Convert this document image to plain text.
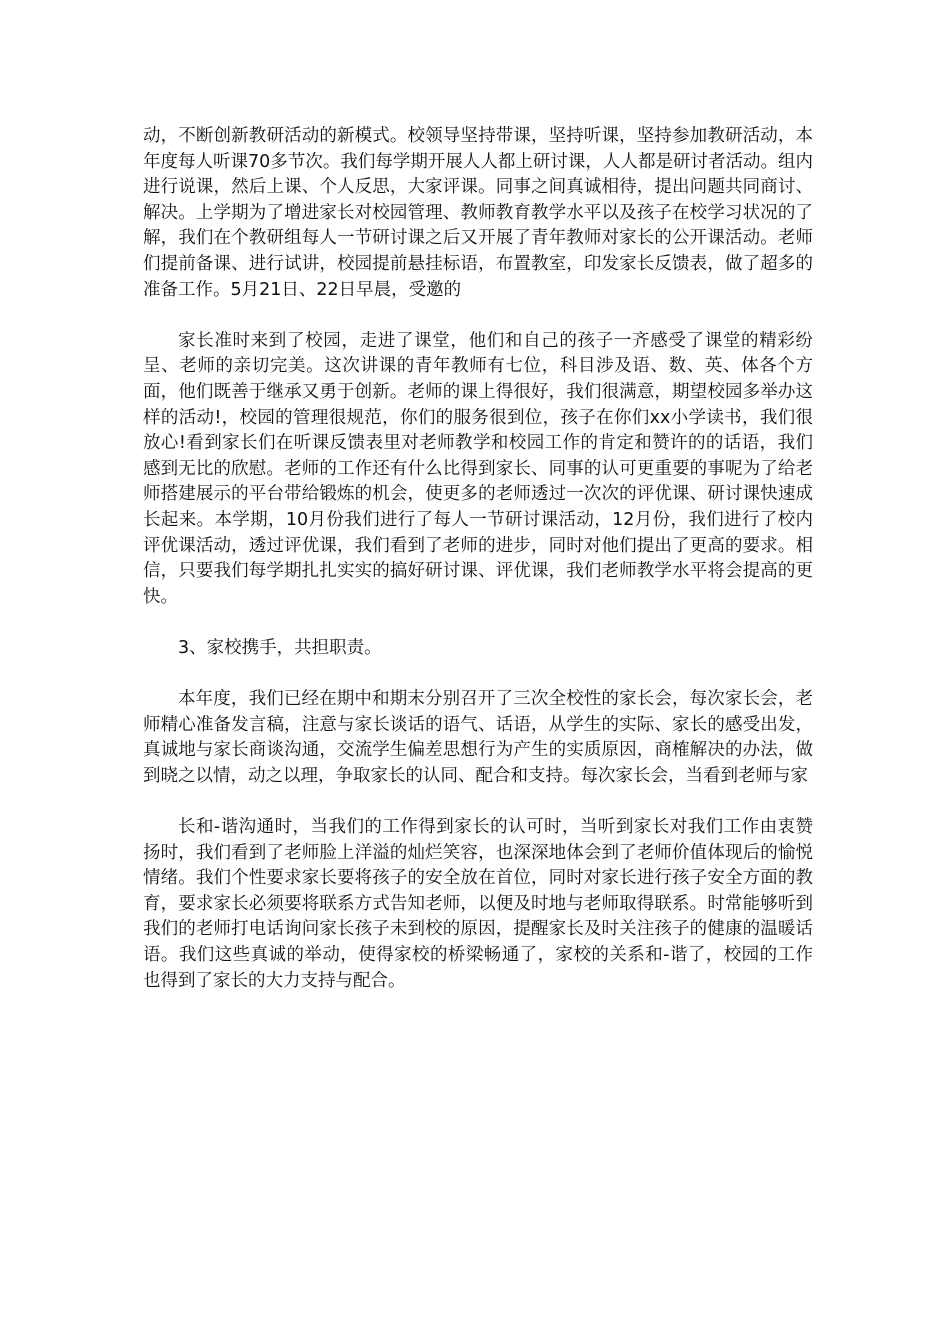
动，不断创新教研活动的新模式。校领导坚持带课，坚持听课，坚持参加教研活动，本年度每人听课70多节次。我们每学期开展人人都上研讨课，人人都是研讨者活动。组内进行说课，然后上课、个人反思，大家评课。同事之间真诚相待，提出问题共同商讨、解决。上学期为了增进家长对校园管理、教师教育教学水平以及孩子在校学习状况的了解，我们在个教研组每人一节研讨课之后又开展了青年教师对家长的公开课活动。老师们提前备课、进行试讲，校园提前悬挂标语，布置教室，印发家长反馈表，做了超多的准备工作。5月21日、22日早晨，受邀的

家长准时来到了校园，走进了课堂，他们和自己的孩子一齐感受了课堂的精彩纷呈、老师的亲切完美。这次讲课的青年教师有七位，科目涉及语、数、英、体各个方面，他们既善于继承又勇于创新。老师的课上得很好，我们很满意，期望校园多举办这样的活动!，校园的管理很规范，你们的服务很到位，孩子在你们xx小学读书，我们很放心!看到家长们在听课反馈表里对老师教学和校园工作的肯定和赞许的的话语，我们感到无比的欣慰。老师的工作还有什么比得到家长、同事的认可更重要的事呢为了给老师搭建展示的平台带给锻炼的机会，使更多的老师透过一次次的评优课、研讨课快速成长起来。本学期，10月份我们进行了每人一节研讨课活动，12月份，我们进行了校内评优课活动，透过评优课，我们看到了老师的进步，同时对他们提出了更高的要求。相信，只要我们每学期扎扎实实的搞好研讨课、评优课，我们老师教学水平将会提高的更快。

3、家校携手，共担职责。

本年度，我们已经在期中和期末分别召开了三次全校性的家长会，每次家长会，老师精心准备发言稿，注意与家长谈话的语气、话语，从学生的实际、家长的感受出发，真诚地与家长商谈沟通，交流学生偏差思想行为产生的实质原因，商榷解决的办法，做到晓之以情，动之以理，争取家长的认同、配合和支持。每次家长会，当看到老师与家

长和-谐沟通时，当我们的工作得到家长的认可时，当听到家长对我们工作由衷赞扬时，我们看到了老师脸上洋溢的灿烂笑容，也深深地体会到了老师价值体现后的愉悦情绪。我们个性要求家长要将孩子的安全放在首位，同时对家长进行孩子安全方面的教育，要求家长必须要将联系方式告知老师，以便及时地与老师取得联系。时常能够听到我们的老师打电话询问家长孩子未到校的原因，提醒家长及时关注孩子的健康的温暖话语。我们这些真诚的举动，使得家校的桥梁畅通了，家校的关系和-谐了，校园的工作也得到了家长的大力支持与配合。
